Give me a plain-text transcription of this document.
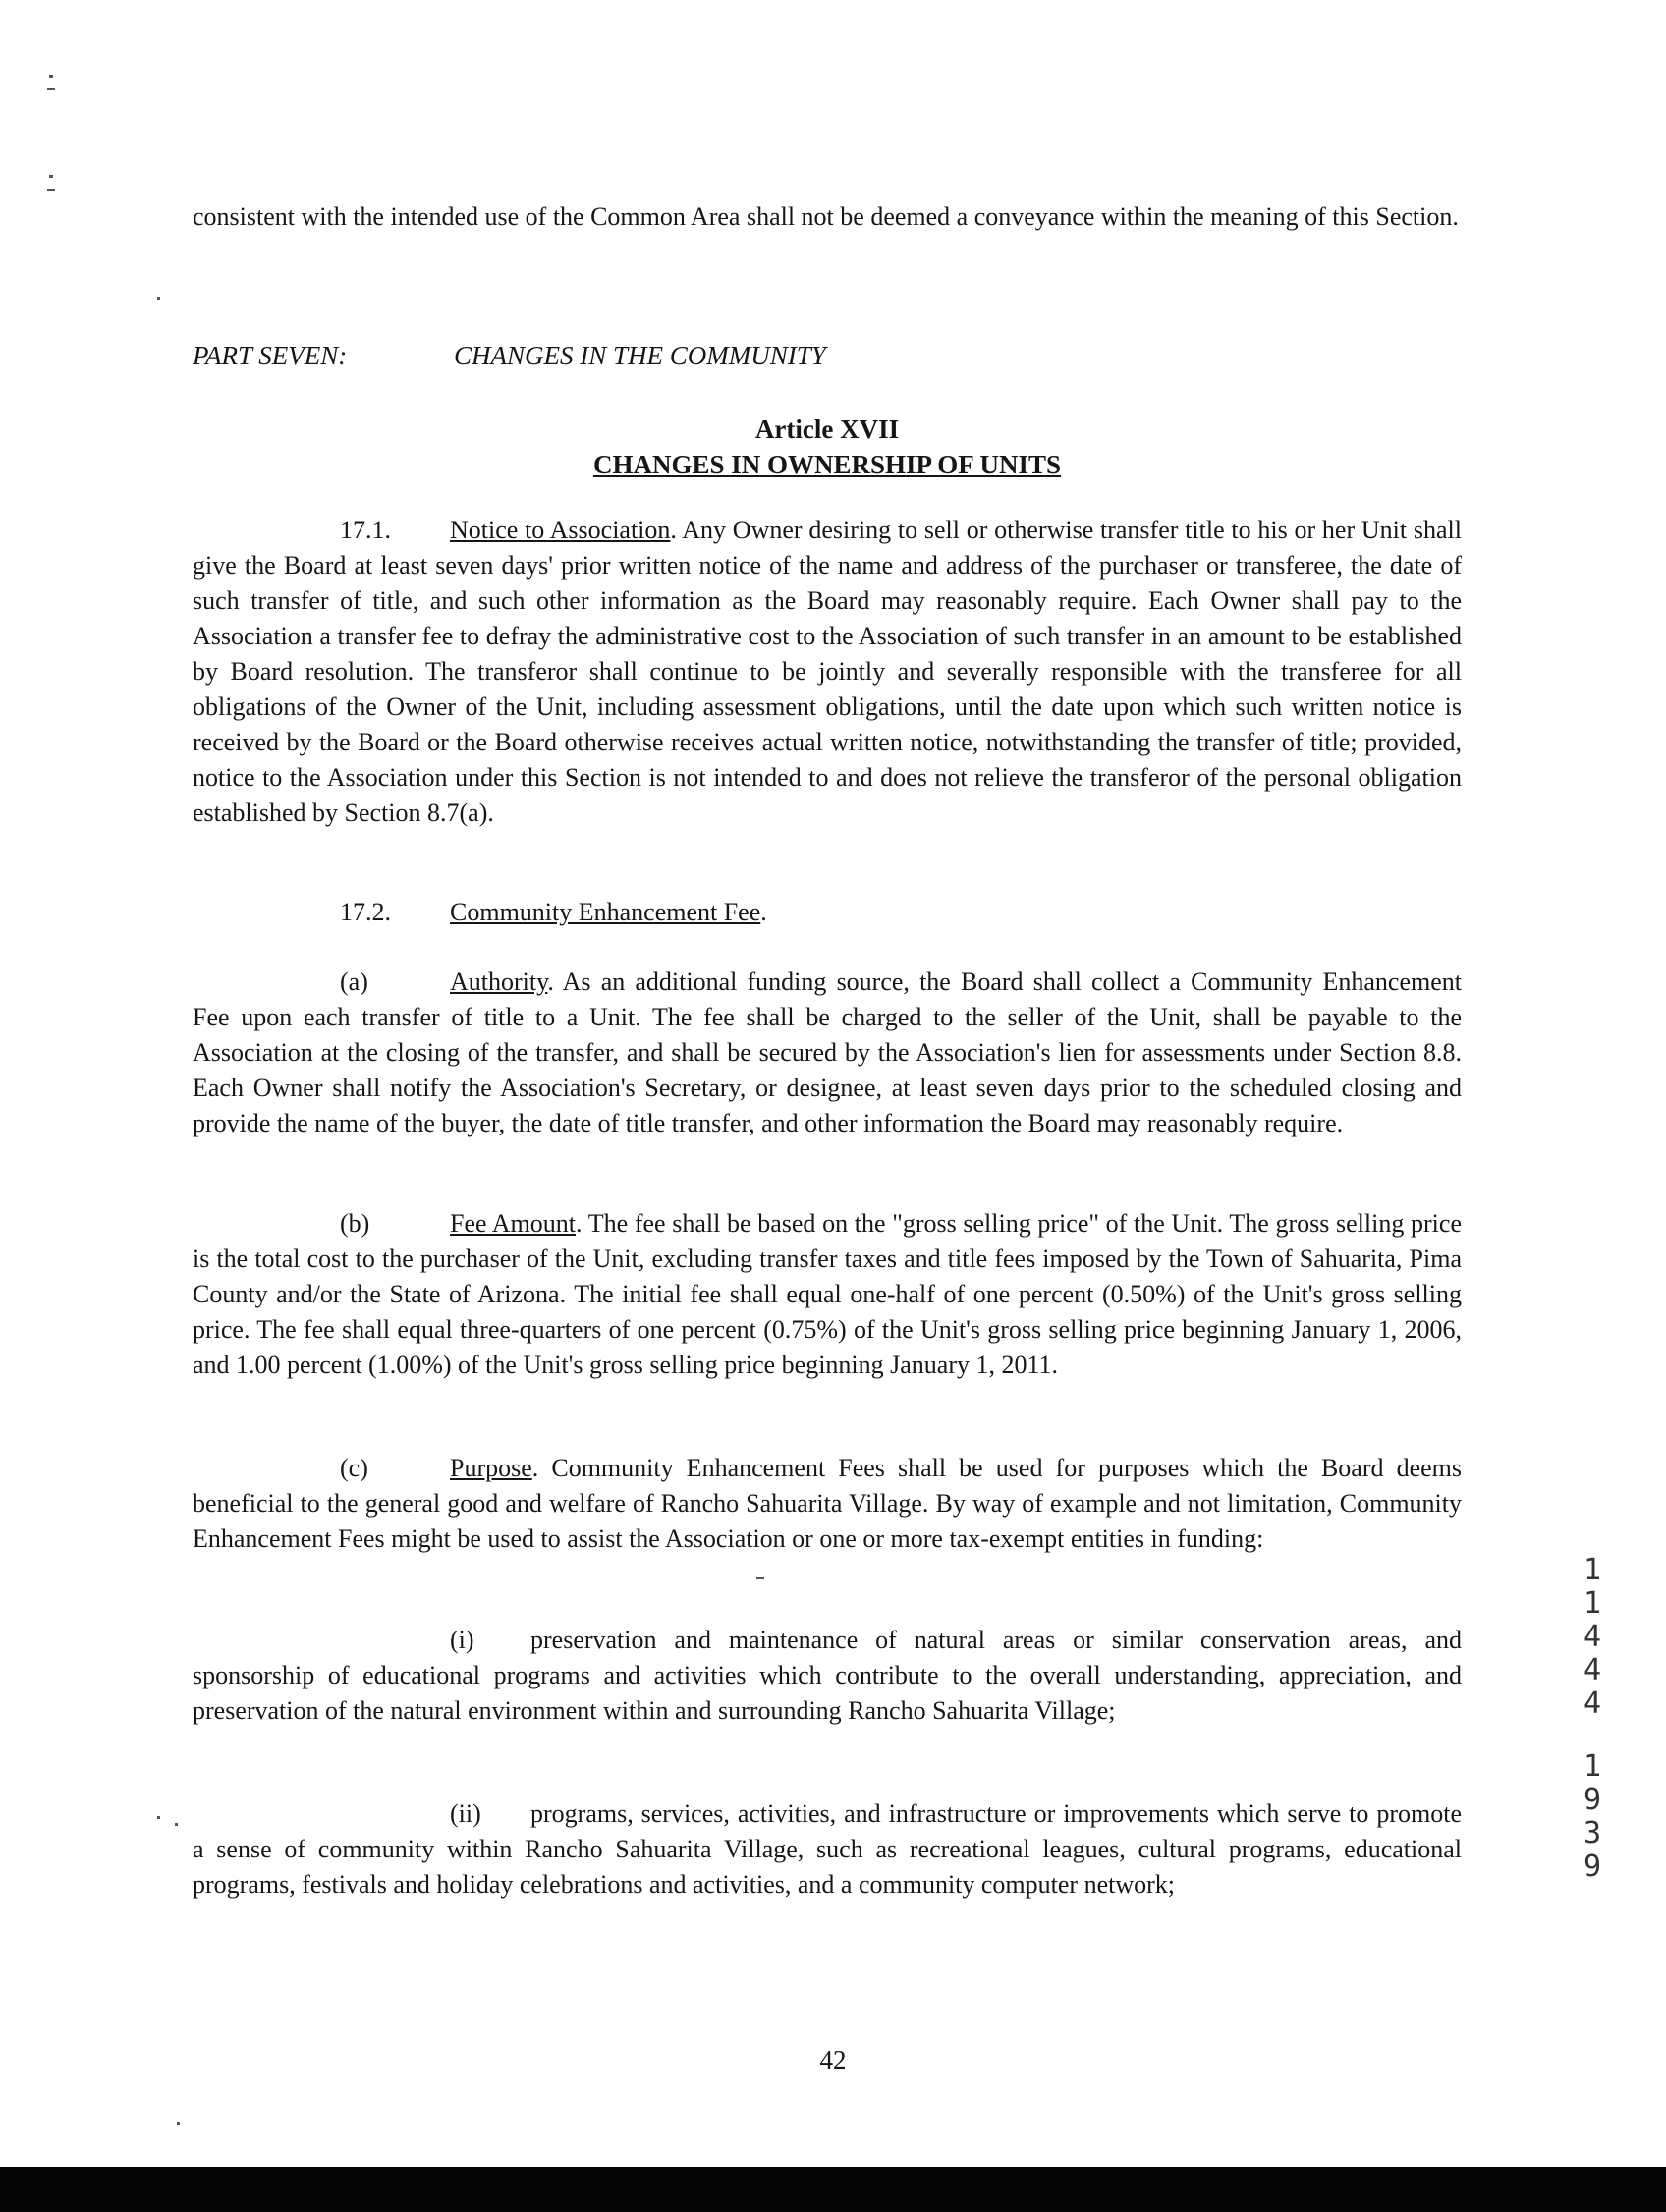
consistent with the intended use of the Common Area shall not be deemed a conveyance within the meaning of this Section.

PART SEVEN:	CHANGES IN THE COMMUNITY
Article XVII
CHANGES IN OWNERSHIP OF UNITS

17.1. Notice to Association. Any Owner desiring to sell or otherwise transfer title to his or her Unit shall give the Board at least seven days' prior written notice of the name and address of the purchaser or transferee, the date of such transfer of title, and such other information as the Board may reasonably require. Each Owner shall pay to the Association a transfer fee to defray the administrative cost to the Association of such transfer in an amount to be established by Board resolution. The transferor shall continue to be jointly and severally responsible with the transferee for all obligations of the Owner of the Unit, including assessment obligations, until the date upon which such written notice is received by the Board or the Board otherwise receives actual written notice, notwithstanding the transfer of title; provided, notice to the Association under this Section is not intended to and does not relieve the transferor of the personal obligation established by Section 8.7(a).

17.2. Community Enhancement Fee.

(a)	Authority. As an additional funding source, the Board shall collect a Community Enhancement Fee upon each transfer of title to a Unit. The fee shall be charged to the seller of the Unit, shall be payable to the Association at the closing of the transfer, and shall be secured by the Association's lien for assessments under Section 8.8. Each Owner shall notify the Association's Secretary, or designee, at least seven days prior to the scheduled closing and provide the name of the buyer, the date of title transfer, and other information the Board may reasonably require.

(b)	Fee Amount. The fee shall be based on the "gross selling price" of the Unit. The gross selling price is the total cost to the purchaser of the Unit, excluding transfer taxes and title fees imposed by the Town of Sahuarita, Pima County and/or the State of Arizona. The initial fee shall equal one-half of one percent (0.50%) of the Unit's gross selling price. The fee shall equal three-quarters of one percent (0.75%) of the Unit's gross selling price beginning January 1, 2006, and 1.00 percent (1.00%) of the Unit's gross selling price beginning January 1, 2011.

(c)	Purpose. Community Enhancement Fees shall be used for purposes which the Board deems beneficial to the general good and welfare of Rancho Sahuarita Village. By way of example and not limitation, Community Enhancement Fees might be used to assist the Association or one or more tax-exempt entities in funding:

(i) preservation and maintenance of natural areas or similar conservation areas, and sponsorship of educational programs and activities which contribute to the overall understanding, appreciation, and preservation of the natural environment within and surrounding Rancho Sahuarita Village;

(ii) programs, services, activities, and infrastructure or improvements which serve to promote a sense of community within Rancho Sahuarita Village, such as recreational leagues, cultural programs, educational programs, festivals and holiday celebrations and activities, and a community computer network;

42
1
1
4
4
4
1
9
3
9
